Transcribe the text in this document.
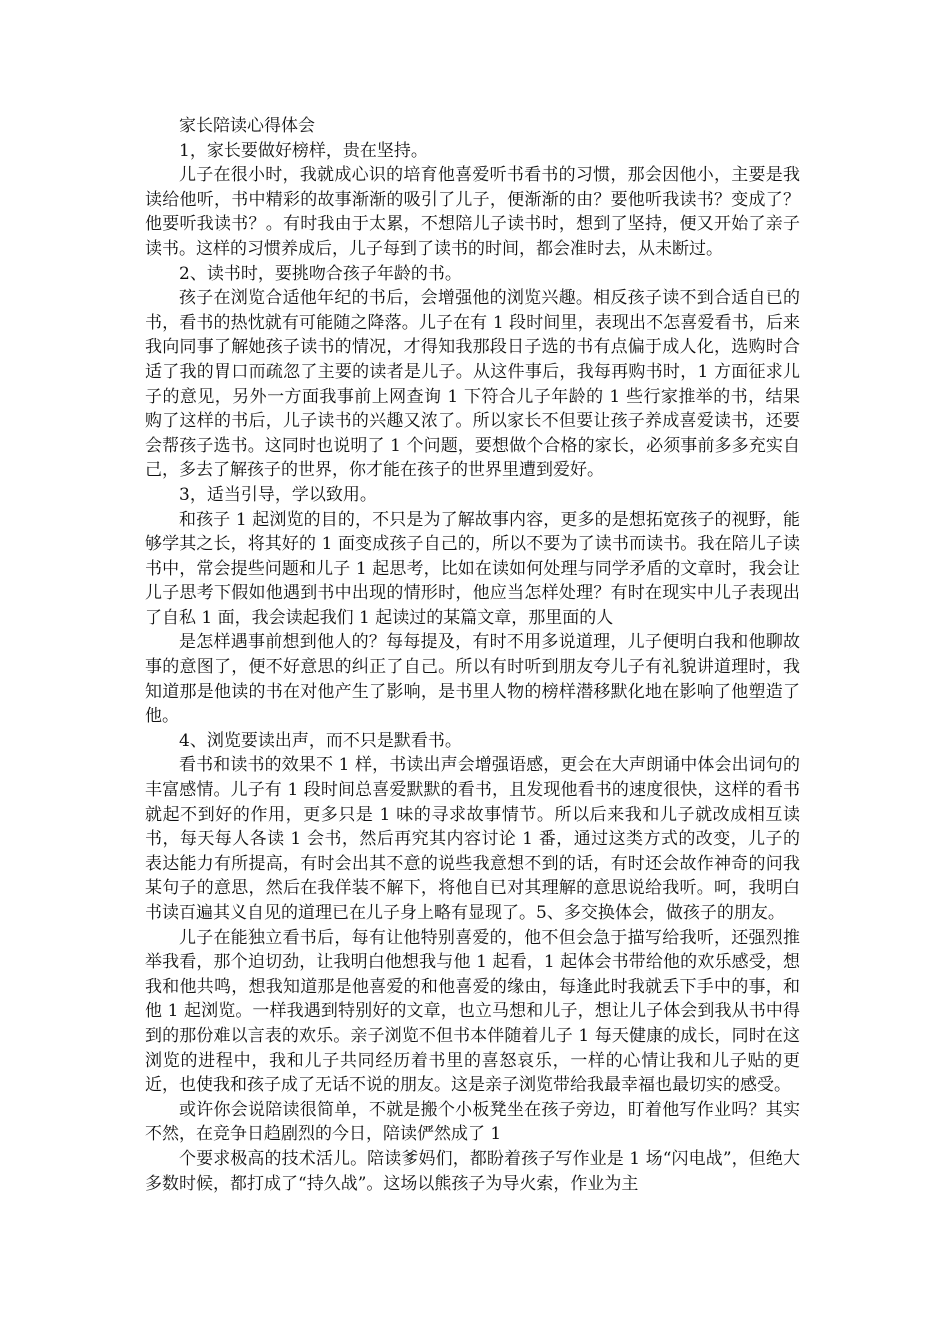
家长陪读心得体会

1，家长要做好榜样，贵在坚持。

儿子在很小时，我就成心识的培育他喜爱听书看书的习惯，那会因他小，主要是我读给他听，书中精彩的故事渐渐的吸引了儿子，便渐渐的由？要他听我读书？变成了？他要听我读书？。有时我由于太累，不想陪儿子读书时，想到了坚持，便又开始了亲子读书。这样的习惯养成后，儿子每到了读书的时间，都会准时去，从未断过。

2、读书时，要挑吻合孩子年龄的书。

孩子在浏览合适他年纪的书后，会增强他的浏览兴趣。相反孩子读不到合适自已的书，看书的热忱就有可能随之降落。儿子在有 1 段时间里，表现出不怎喜爱看书，后来我向同事了解她孩子读书的情况，才得知我那段日子选的书有点偏于成人化，选购时合适了我的胃口而疏忽了主要的读者是儿子。从这件事后，我每再购书时，1 方面征求儿子的意见，另外一方面我事前上网查询 1 下符合儿子年龄的 1 些行家推举的书，结果购了这样的书后，儿子读书的兴趣又浓了。所以家长不但要让孩子养成喜爱读书，还要会帮孩子选书。这同时也说明了 1 个问题，要想做个合格的家长，必须事前多多充实自己，多去了解孩子的世界，你才能在孩子的世界里遭到爱好。

3，适当引导，学以致用。

和孩子 1 起浏览的目的，不只是为了解故事内容，更多的是想拓宽孩子的视野，能够学其之长，将其好的 1 面变成孩子自己的，所以不要为了读书而读书。我在陪儿子读书中，常会提些问题和儿子 1 起思考，比如在读如何处理与同学矛盾的文章时，我会让儿子思考下假如他遇到书中出现的情形时，他应当怎样处理？有时在现实中儿子表现出了自私 1 面，我会读起我们 1 起读过的某篇文章，那里面的人

是怎样遇事前想到他人的？每每提及，有时不用多说道理，儿子便明白我和他聊故事的意图了，便不好意思的纠正了自己。所以有时听到朋友夸儿子有礼貌讲道理时，我知道那是他读的书在对他产生了影响，是书里人物的榜样潜移默化地在影响了他塑造了他。

4、浏览要读出声，而不只是默看书。

看书和读书的效果不 1 样，书读出声会增强语感，更会在大声朗诵中体会出词句的丰富感情。儿子有 1 段时间总喜爱默默的看书，且发现他看书的速度很快，这样的看书就起不到好的作用，更多只是 1 味的寻求故事情节。所以后来我和儿子就改成相互读书，每天每人各读 1 会书，然后再究其内容讨论 1 番，通过这类方式的改变，儿子的表达能力有所提高，有时会出其不意的说些我意想不到的话，有时还会故作神奇的问我某句子的意思，然后在我佯装不解下，将他自已对其理解的意思说给我听。呵，我明白书读百遍其义自见的道理已在儿子身上略有显现了。5、多交换体会，做孩子的朋友。

儿子在能独立看书后，每有让他特别喜爱的，他不但会急于描写给我听，还强烈推举我看，那个迫切劲，让我明白他想我与他 1 起看，1 起体会书带给他的欢乐感受，想我和他共鸣，想我知道那是他喜爱的和他喜爱的缘由，每逢此时我就丢下手中的事，和他 1 起浏览。一样我遇到特别好的文章，也立马想和儿子，想让儿子体会到我从书中得到的那份难以言表的欢乐。亲子浏览不但书本伴随着儿子 1 每天健康的成长，同时在这浏览的进程中，我和儿子共同经历着书里的喜怒哀乐，一样的心情让我和儿子贴的更近，也使我和孩子成了无话不说的朋友。这是亲子浏览带给我最幸福也最切实的感受。

或许你会说陪读很简单，不就是搬个小板凳坐在孩子旁边，盯着他写作业吗？其实不然，在竞争日趋剧烈的今日，陪读俨然成了 1

个要求极高的技术活儿。陪读爹妈们，都盼着孩子写作业是 1 场“闪电战”，但绝大多数时候，都打成了“持久战”。这场以熊孩子为导火索，作业为主
